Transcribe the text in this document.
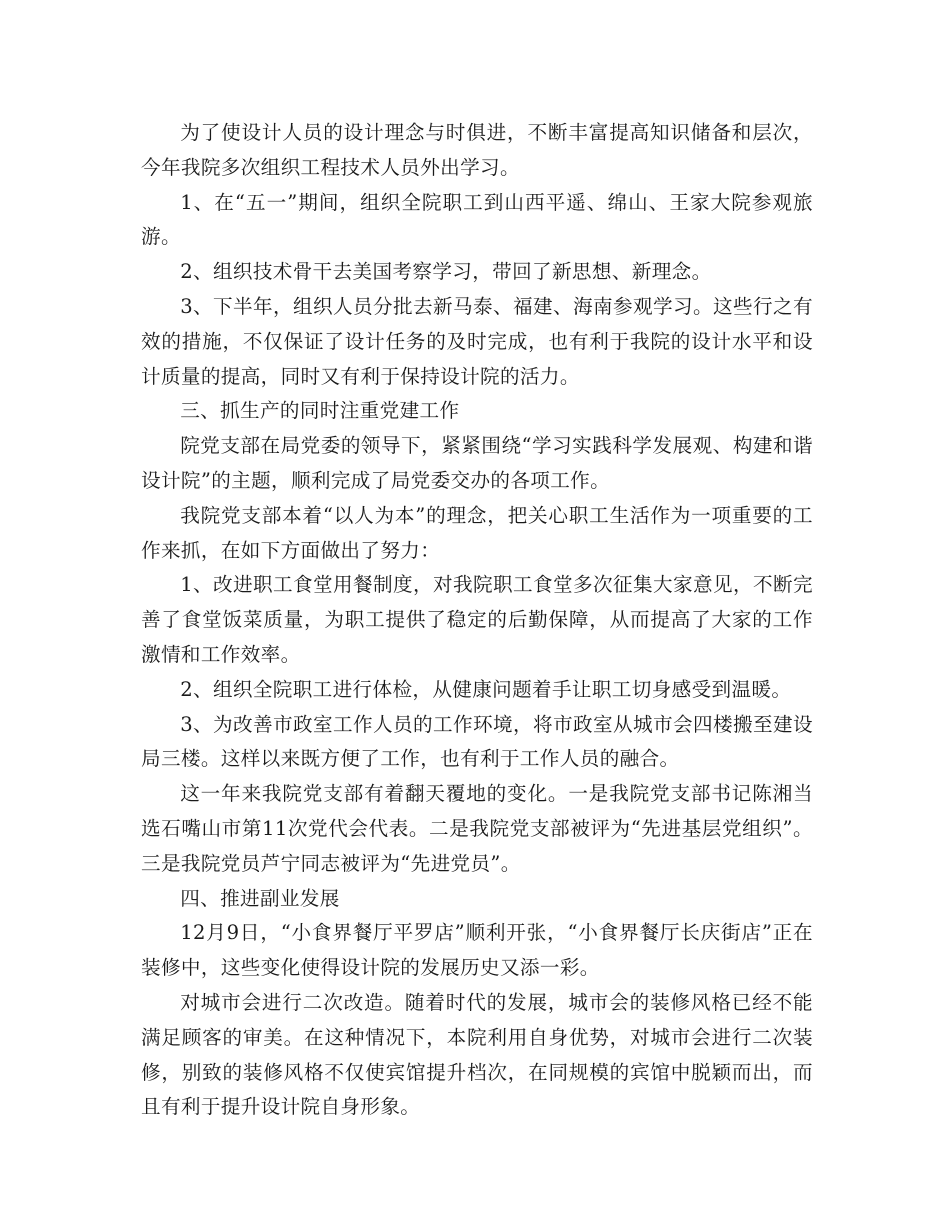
为了使设计人员的设计理念与时俱进，不断丰富提高知识储备和层次，今年我院多次组织工程技术人员外出学习。

1、在“五一”期间，组织全院职工到山西平遥、绵山、王家大院参观旅游。

2、组织技术骨干去美国考察学习，带回了新思想、新理念。

3、下半年，组织人员分批去新马泰、福建、海南参观学习。这些行之有效的措施，不仅保证了设计任务的及时完成，也有利于我院的设计水平和设计质量的提高，同时又有利于保持设计院的活力。

三、抓生产的同时注重党建工作

院党支部在局党委的领导下，紧紧围绕“学习实践科学发展观、构建和谐设计院”的主题，顺利完成了局党委交办的各项工作。

我院党支部本着“以人为本”的理念，把关心职工生活作为一项重要的工作来抓，在如下方面做出了努力：

1、改进职工食堂用餐制度，对我院职工食堂多次征集大家意见，不断完善了食堂饭菜质量，为职工提供了稳定的后勤保障，从而提高了大家的工作激情和工作效率。

2、组织全院职工进行体检，从健康问题着手让职工切身感受到温暖。

3、为改善市政室工作人员的工作环境，将市政室从城市会四楼搬至建设局三楼。这样以来既方便了工作，也有利于工作人员的融合。

这一年来我院党支部有着翻天覆地的变化。一是我院党支部书记陈湘当选石嘴山市第11次党代会代表。二是我院党支部被评为“先进基层党组织”。三是我院党员芦宁同志被评为“先进党员”。

四、推进副业发展

12月9日，“小食界餐厅平罗店”顺利开张，“小食界餐厅长庆街店”正在装修中，这些变化使得设计院的发展历史又添一彩。

对城市会进行二次改造。随着时代的发展，城市会的装修风格已经不能满足顾客的审美。在这种情况下，本院利用自身优势，对城市会进行二次装修，别致的装修风格不仅使宾馆提升档次，在同规模的宾馆中脱颖而出，而且有利于提升设计院自身形象。
